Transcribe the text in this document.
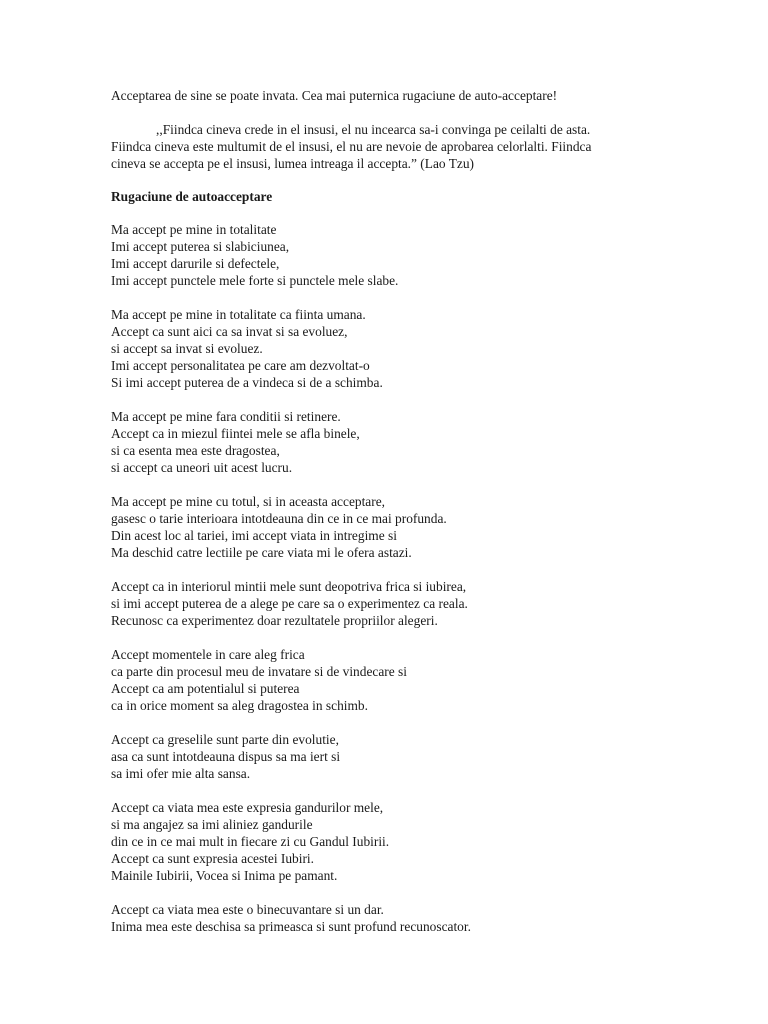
Acceptarea de sine se poate invata. Cea mai puternica rugaciune de auto-acceptare!
,,Fiindca cineva crede in el insusi, el nu incearca sa-i convinga pe ceilalti de asta.
Fiindca cineva este multumit de el insusi, el nu are nevoie de aprobarea celorlalti. Fiindca
cineva se accepta pe el insusi, lumea intreaga il accepta.” (Lao Tzu)
Rugaciune de autoacceptare
Ma accept pe mine in totalitate
Imi accept puterea si slabiciunea,
Imi accept darurile si defectele,
Imi accept punctele mele forte si punctele mele slabe.
Ma accept pe mine in totalitate ca fiinta umana.
Accept ca sunt aici ca sa invat si sa evoluez,
si accept sa invat si evoluez.
Imi accept personalitatea pe care am dezvoltat-o
Si imi accept puterea de a vindeca si de a schimba.
Ma accept pe mine fara conditii si retinere.
Accept ca in miezul fiintei mele se afla binele,
si ca esenta mea este dragostea,
si accept ca uneori uit acest lucru.
Ma accept pe mine cu totul, si in aceasta acceptare,
gasesc o tarie interioara intotdeauna din ce in ce mai profunda.
Din acest loc al tariei, imi accept viata in intregime si
Ma deschid catre lectiile pe care viata mi le ofera astazi.
Accept ca in interiorul mintii mele sunt deopotriva frica si iubirea,
si imi accept puterea de a alege pe care sa o experimentez ca reala.
Recunosc ca experimentez doar rezultatele propriilor alegeri.
Accept momentele in care aleg frica
ca parte din procesul meu de invatare si de vindecare si
Accept ca am potentialul si puterea
ca in orice moment sa aleg dragostea in schimb.
Accept ca greselile sunt parte din evolutie,
asa ca sunt intotdeauna dispus sa ma iert si
sa imi ofer mie alta sansa.
Accept ca viata mea este expresia gandurilor mele,
si ma angajez sa imi aliniez gandurile
din ce in ce mai mult in fiecare zi cu Gandul Iubirii.
Accept ca sunt expresia acestei Iubiri.
Mainile Iubirii, Vocea si Inima pe pamant.
Accept ca viata mea este o binecuvantare si un dar.
Inima mea este deschisa sa primeasca si sunt profund recunoscator.
